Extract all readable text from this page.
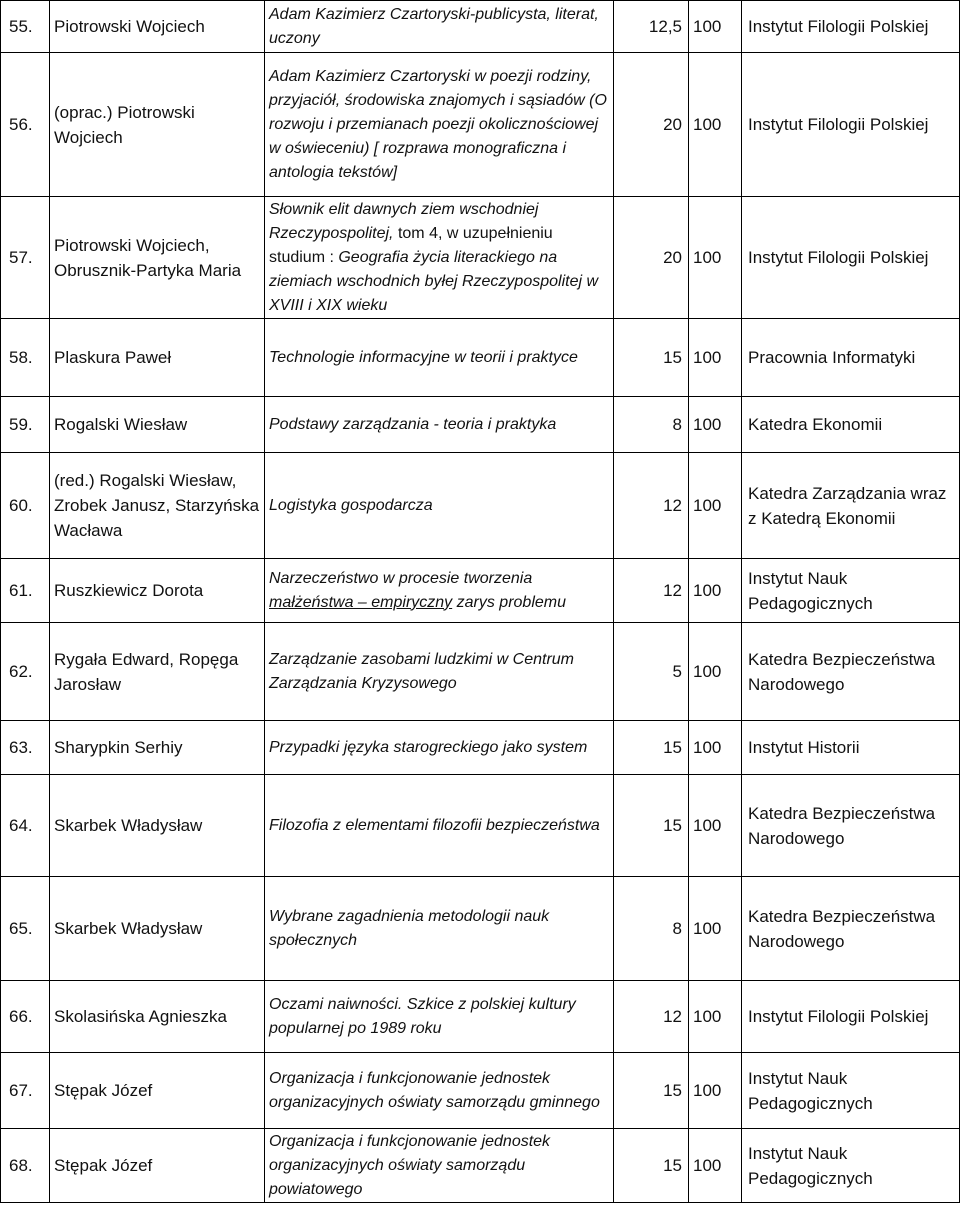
55.	Piotrowski Wojciech	Adam Kazimierz Czartoryski-publicysta, literat, uczony	12,5	100	Instytut Filologii Polskiej
56.	(oprac.) Piotrowski Wojciech	Adam Kazimierz Czartoryski w poezji rodziny, przyjaciół, środowiska znajomych i sąsiadów (O rozwoju i przemianach poezji okolicznościowej w oświeceniu) [ rozprawa monograficzna i antologia tekstów]	20	100	Instytut Filologii Polskiej
57.	Piotrowski Wojciech, Obrusznik-Partyka Maria	Słownik elit dawnych ziem wschodniej Rzeczypospolitej, tom 4, w uzupełnieniu studium : Geografia życia literackiego na ziemiach wschodnich byłej Rzeczypospolitej w XVIII i XIX wieku	20	100	Instytut Filologii Polskiej
58.	Plaskura Paweł	Technologie informacyjne w teorii i praktyce	15	100	Pracownia Informatyki
59.	Rogalski Wiesław	Podstawy zarządzania - teoria i praktyka	8	100	Katedra Ekonomii
60.	(red.) Rogalski Wiesław, Zrobek Janusz, Starzyńska Wacława	Logistyka gospodarcza	12	100	Katedra Zarządzania wraz z Katedrą Ekonomii
61.	Ruszkiewicz Dorota	Narzeczeństwo w procesie tworzenia małżeństwa – empiryczny zarys problemu	12	100	Instytut Nauk Pedagogicznych
62.	Rygała Edward, Ropęga Jarosław	Zarządzanie zasobami ludzkimi w Centrum Zarządzania Kryzysowego	5	100	Katedra Bezpieczeństwa Narodowego
63.	Sharypkin Serhiy	Przypadki języka starogreckiego jako system	15	100	Instytut Historii
64.	Skarbek Władysław	Filozofia z elementami filozofii bezpieczeństwa	15	100	Katedra Bezpieczeństwa Narodowego
65.	Skarbek Władysław	Wybrane zagadnienia metodologii nauk społecznych	8	100	Katedra Bezpieczeństwa Narodowego
66.	Skolasińska Agnieszka	Oczami naiwności. Szkice z polskiej kultury popularnej po 1989 roku	12	100	Instytut Filologii Polskiej
67.	Stępak Józef	Organizacja i funkcjonowanie jednostek organizacyjnych oświaty samorządu gminnego	15	100	Instytut Nauk Pedagogicznych
68.	Stępak Józef	Organizacja i funkcjonowanie jednostek organizacyjnych oświaty samorządu powiatowego	15	100	Instytut Nauk Pedagogicznych
